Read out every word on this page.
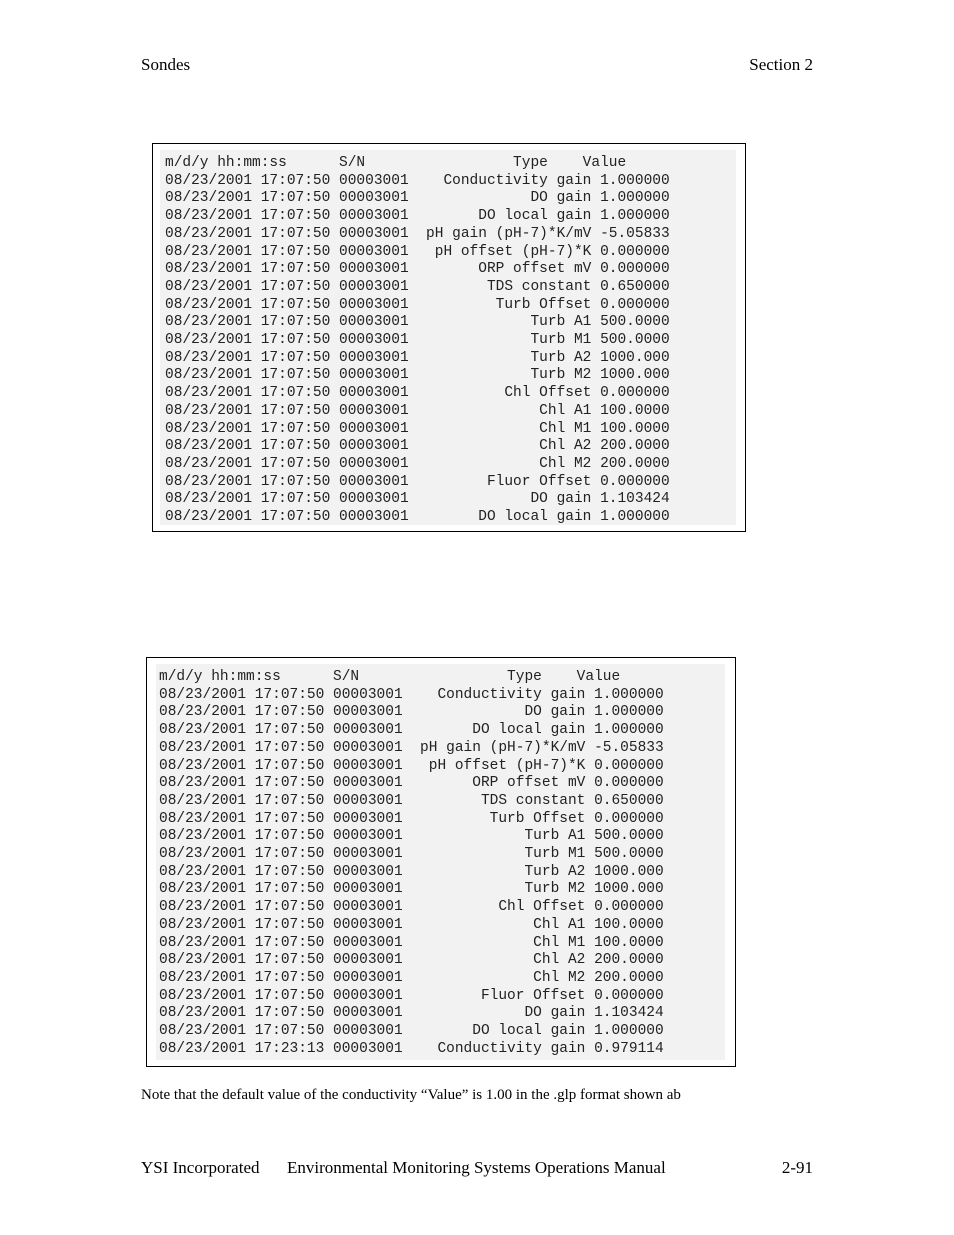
Sondes	Section 2
m/d/y hh:mm:ss      S/N                 Type    Value
08/23/2001 17:07:50 00003001    Conductivity gain 1.000000
08/23/2001 17:07:50 00003001              DO gain 1.000000
08/23/2001 17:07:50 00003001        DO local gain 1.000000
08/23/2001 17:07:50 00003001  pH gain (pH-7)*K/mV -5.05833
08/23/2001 17:07:50 00003001   pH offset (pH-7)*K 0.000000
08/23/2001 17:07:50 00003001        ORP offset mV 0.000000
08/23/2001 17:07:50 00003001         TDS constant 0.650000
08/23/2001 17:07:50 00003001          Turb Offset 0.000000
08/23/2001 17:07:50 00003001              Turb A1 500.0000
08/23/2001 17:07:50 00003001              Turb M1 500.0000
08/23/2001 17:07:50 00003001              Turb A2 1000.000
08/23/2001 17:07:50 00003001              Turb M2 1000.000
08/23/2001 17:07:50 00003001           Chl Offset 0.000000
08/23/2001 17:07:50 00003001               Chl A1 100.0000
08/23/2001 17:07:50 00003001               Chl M1 100.0000
08/23/2001 17:07:50 00003001               Chl A2 200.0000
08/23/2001 17:07:50 00003001               Chl M2 200.0000
08/23/2001 17:07:50 00003001         Fluor Offset 0.000000
08/23/2001 17:07:50 00003001              DO gain 1.103424
08/23/2001 17:07:50 00003001        DO local gain 1.000000
m/d/y hh:mm:ss      S/N                 Type    Value
08/23/2001 17:07:50 00003001    Conductivity gain 1.000000
08/23/2001 17:07:50 00003001              DO gain 1.000000
08/23/2001 17:07:50 00003001        DO local gain 1.000000
08/23/2001 17:07:50 00003001  pH gain (pH-7)*K/mV -5.05833
08/23/2001 17:07:50 00003001   pH offset (pH-7)*K 0.000000
08/23/2001 17:07:50 00003001        ORP offset mV 0.000000
08/23/2001 17:07:50 00003001         TDS constant 0.650000
08/23/2001 17:07:50 00003001          Turb Offset 0.000000
08/23/2001 17:07:50 00003001              Turb A1 500.0000
08/23/2001 17:07:50 00003001              Turb M1 500.0000
08/23/2001 17:07:50 00003001              Turb A2 1000.000
08/23/2001 17:07:50 00003001              Turb M2 1000.000
08/23/2001 17:07:50 00003001           Chl Offset 0.000000
08/23/2001 17:07:50 00003001               Chl A1 100.0000
08/23/2001 17:07:50 00003001               Chl M1 100.0000
08/23/2001 17:07:50 00003001               Chl A2 200.0000
08/23/2001 17:07:50 00003001               Chl M2 200.0000
08/23/2001 17:07:50 00003001         Fluor Offset 0.000000
08/23/2001 17:07:50 00003001              DO gain 1.103424
08/23/2001 17:07:50 00003001        DO local gain 1.000000
08/23/2001 17:23:13 00003001    Conductivity gain 0.979114
Note that the default value of the conductivity “Value” is 1.00 in the .glp format shown ab
YSI Incorporated Environmental Monitoring Systems Operations Manual	2-91
